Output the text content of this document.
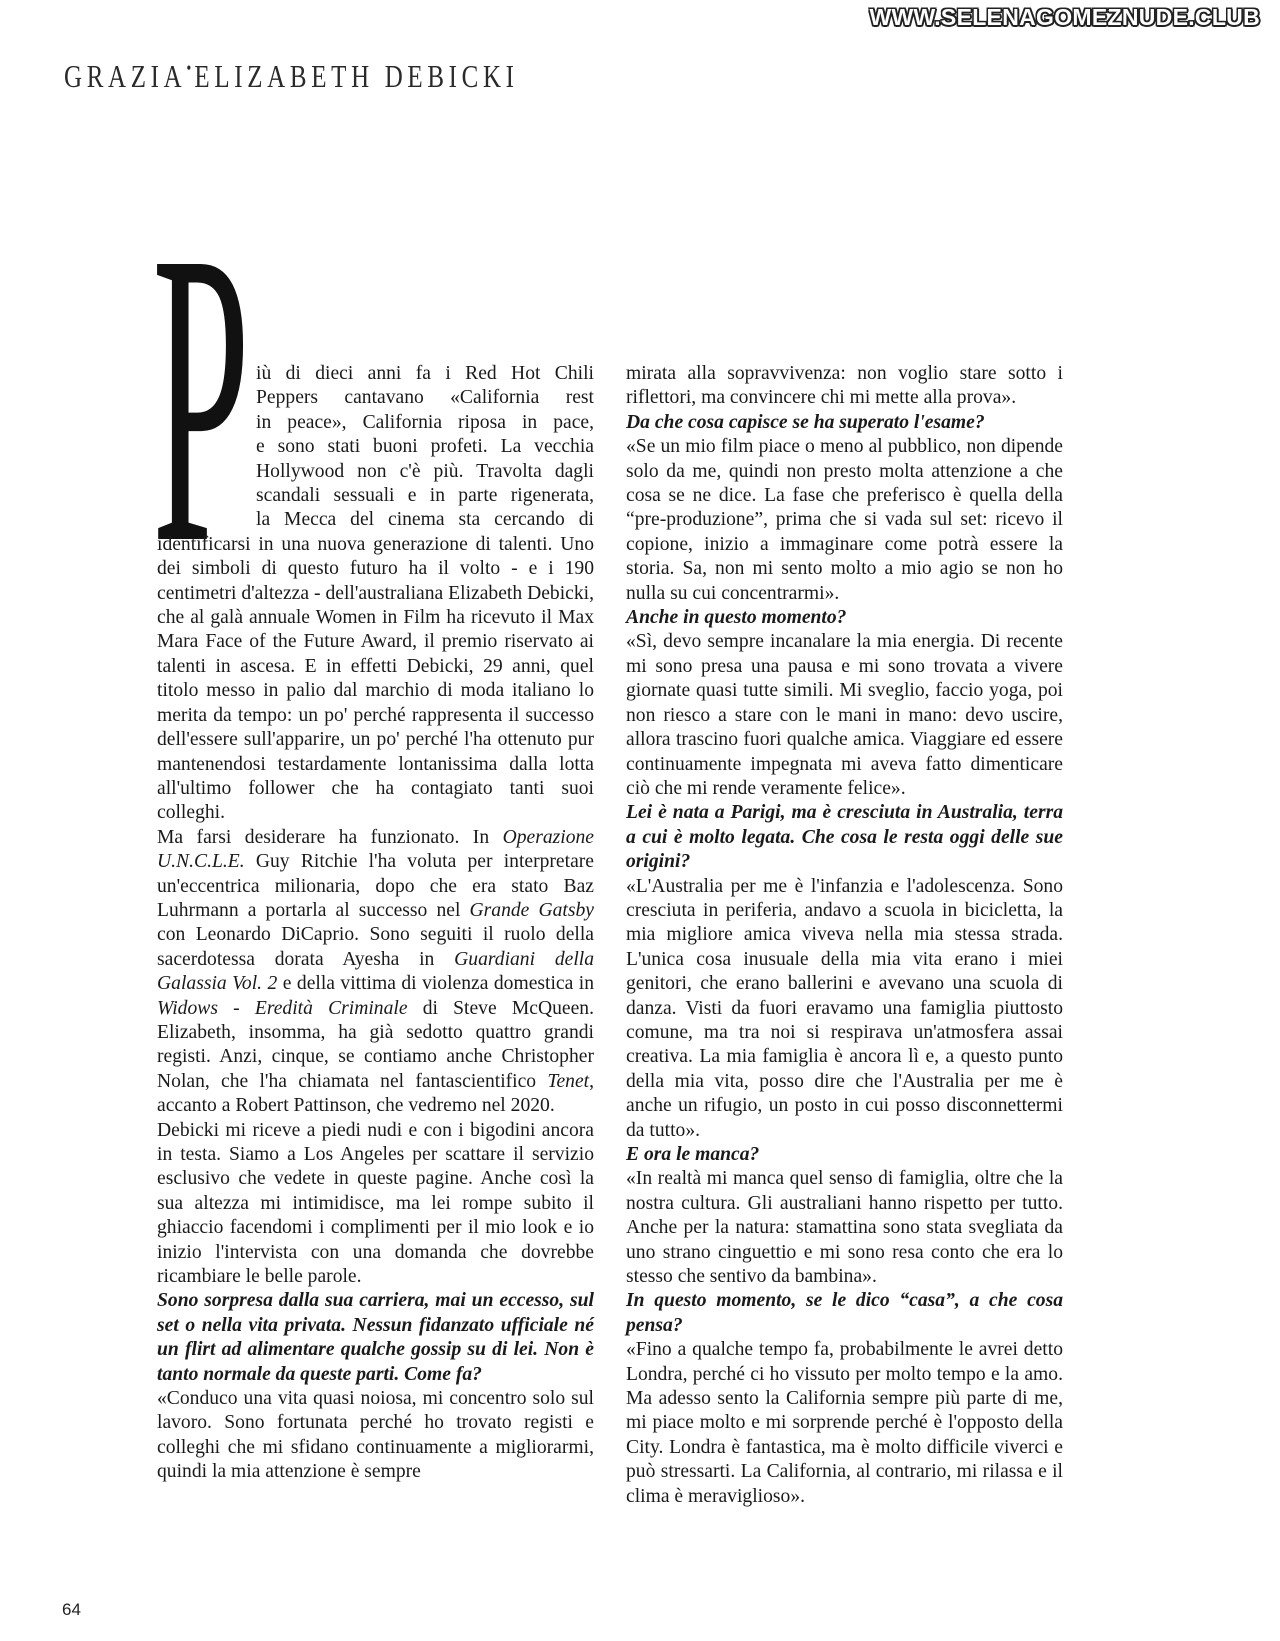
WWW.SELENAGOMEZNUDE.CLUB
GRAZIA•ELIZABETH DEBICKI
P iù di dieci anni fa i Red Hot Chili
Peppers cantavano «California rest
in peace», California riposa in pace,
e sono stati buoni profeti. La vecchia
Hollywood non c'è più. Travolta dagli
scandali sessuali e in parte rigenerata,
la Mecca del cinema sta cercando di

identificarsi in una nuova generazione di talenti. Uno dei simboli di questo futuro ha il volto - e i 190 centimetri d'altezza - dell'australiana Elizabeth Debicki, che al galà annuale Women in Film ha ricevuto il Max Mara Face of the Future Award, il premio riservato ai talenti in ascesa. E in effetti Debicki, 29 anni, quel titolo messo in palio dal marchio di moda italiano lo merita da tempo: un po' perché rappresenta il successo dell'essere sull'apparire, un po' perché l'ha ottenuto pur mantenendosi testardamente lontanissima dalla lotta all'ultimo follower che ha contagiato tanti suoi colleghi.

Ma farsi desiderare ha funzionato. In Operazione U.N.C.L.E. Guy Ritchie l'ha voluta per interpretare un'eccentrica milionaria, dopo che era stato Baz Luhrmann a portarla al successo nel Grande Gatsby con Leonardo DiCaprio. Sono seguiti il ruolo della sacerdotessa dorata Ayesha in Guardiani della Galassia Vol. 2 e della vittima di violenza domestica in Widows - Eredità Criminale di Steve McQueen. Elizabeth, insomma, ha già sedotto quattro grandi registi. Anzi, cinque, se contiamo anche Christopher Nolan, che l'ha chiamata nel fantascientifico Tenet, accanto a Robert Pattinson, che vedremo nel 2020.

Debicki mi riceve a piedi nudi e con i bigodini ancora in testa. Siamo a Los Angeles per scattare il servizio esclusivo che vedete in queste pagine. Anche così la sua altezza mi intimidisce, ma lei rompe subito il ghiaccio facendomi i complimenti per il mio look e io inizio l'intervista con una domanda che dovrebbe ricambiare le belle parole.

Sono sorpresa dalla sua carriera, mai un eccesso, sul set o nella vita privata. Nessun fidanzato ufficiale né un flirt ad alimentare qualche gossip su di lei. Non è tanto normale da queste parti. Come fa?

«Conduco una vita quasi noiosa, mi concentro solo sul lavoro. Sono fortunata perché ho trovato registi e colleghi che mi sfidano continuamente a migliorarmi, quindi la mia attenzione è sempre

mirata alla sopravvivenza: non voglio stare sotto i riflettori, ma convincere chi mi mette alla prova».

Da che cosa capisce se ha superato l'esame?

«Se un mio film piace o meno al pubblico, non dipende solo da me, quindi non presto molta attenzione a che cosa se ne dice. La fase che preferisco è quella della “pre-produzione”, prima che si vada sul set: ricevo il copione, inizio a immaginare come potrà essere la storia. Sa, non mi sento molto a mio agio se non ho nulla su cui concentrarmi».

Anche in questo momento?

«Sì, devo sempre incanalare la mia energia. Di recente mi sono presa una pausa e mi sono trovata a vivere giornate quasi tutte simili. Mi sveglio, faccio yoga, poi non riesco a stare con le mani in mano: devo uscire, allora trascino fuori qualche amica. Viaggiare ed essere continuamente impegnata mi aveva fatto dimenticare ciò che mi rende veramente felice».

Lei è nata a Parigi, ma è cresciuta in Australia, terra a cui è molto legata. Che cosa le resta oggi delle sue origini?

«L'Australia per me è l'infanzia e l'adolescenza. Sono cresciuta in periferia, andavo a scuola in bicicletta, la mia migliore amica viveva nella mia stessa strada. L'unica cosa inusuale della mia vita erano i miei genitori, che erano ballerini e avevano una scuola di danza. Visti da fuori eravamo una famiglia piuttosto comune, ma tra noi si respirava un'atmosfera assai creativa. La mia famiglia è ancora lì e, a questo punto della mia vita, posso dire che l'Australia per me è anche un rifugio, un posto in cui posso disconnettermi da tutto».

E ora le manca?

«In realtà mi manca quel senso di famiglia, oltre che la nostra cultura. Gli australiani hanno rispetto per tutto. Anche per la natura: stamattina sono stata svegliata da uno strano cinguettio e mi sono resa conto che era lo stesso che sentivo da bambina».

In questo momento, se le dico “casa”, a che cosa pensa?

«Fino a qualche tempo fa, probabilmente le avrei detto Londra, perché ci ho vissuto per molto tempo e la amo. Ma adesso sento la California sempre più parte di me, mi piace molto e mi sorprende perché è l'opposto della City. Londra è fantastica, ma è molto difficile viverci e può stressarti. La California, al contrario, mi rilassa e il clima è meraviglioso».

64
